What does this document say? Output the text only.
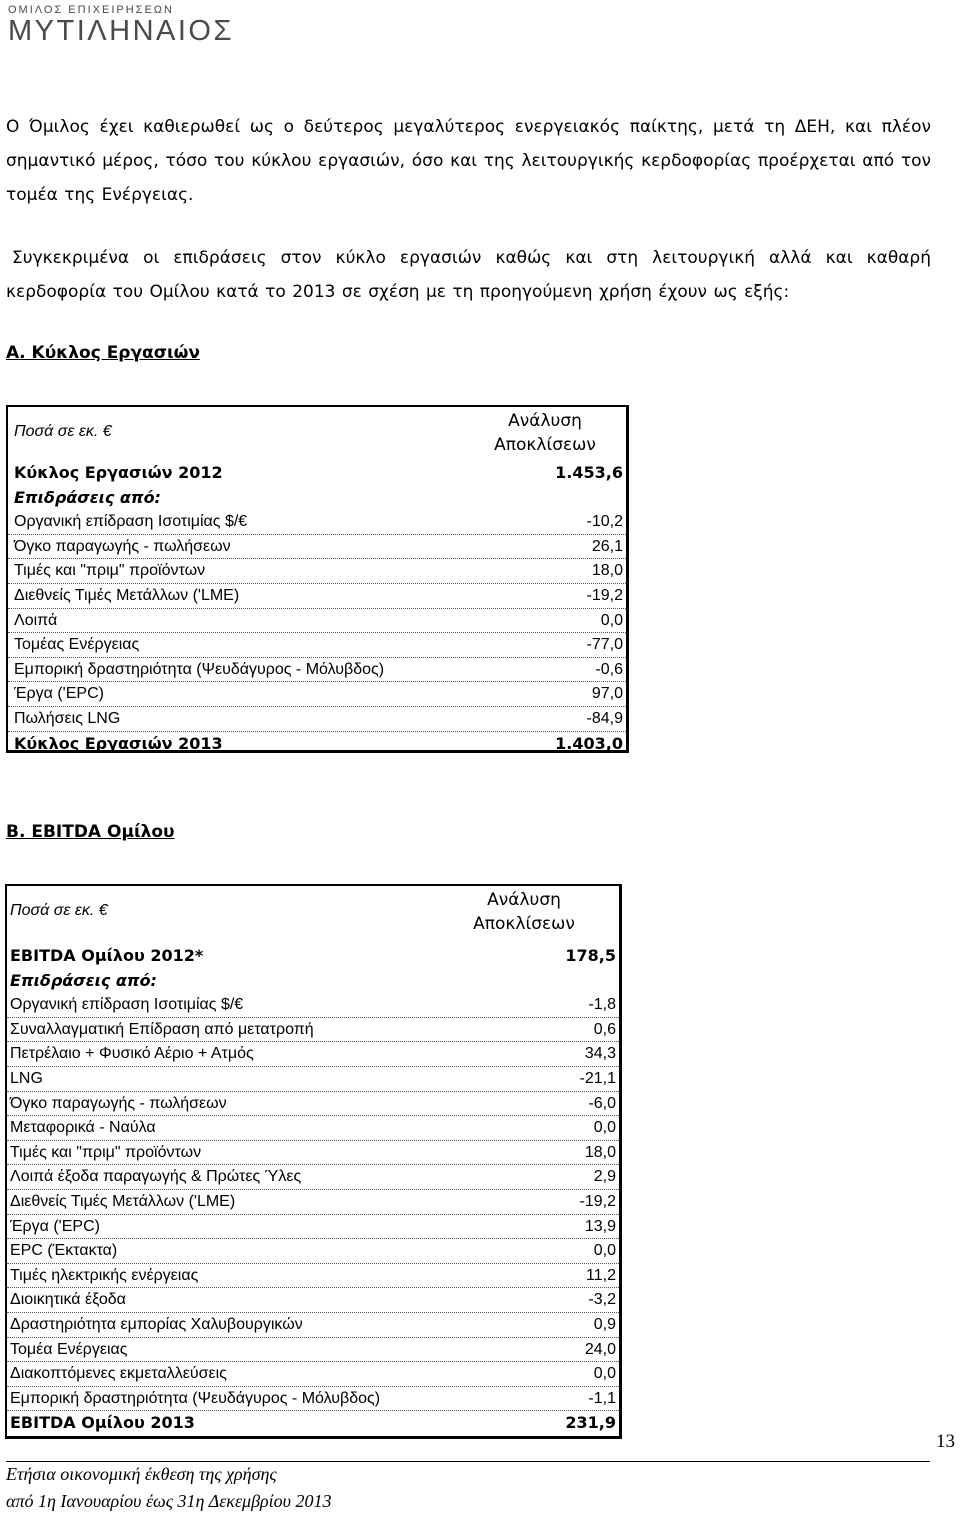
ΟΜΙΛΟΣ ΕΠΙΧΕΙΡΗΣΕΩΝ
ΜΥΤΙΛΗΝΑΙΟΣ

Ο Όμιλος έχει καθιερωθεί ως ο δεύτερος μεγαλύτερος ενεργειακός παίκτης, μετά τη ΔΕΗ, και πλέον σημαντικό μέρος, τόσο του κύκλου εργασιών, όσο και της λειτουργικής κερδοφορίας προέρχεται από τον τομέα της Ενέργειας.

Συγκεκριμένα οι επιδράσεις στον κύκλο εργασιών καθώς και στη λειτουργική αλλά και καθαρή κερδοφορία του Ομίλου κατά το 2013 σε σχέση με τη προηγούμενη χρήση έχουν ως εξής:

Α. Κύκλος Εργασιών
Ποσά σε εκ. €
Ανάλυση
Αποκλίσεων
Κύκλος Εργασιών 2012	1.453,6
Επιδράσεις από:
Οργανική επίδραση Ισοτιμίας $/€	-10,2
Όγκο παραγωγής - πωλήσεων	26,1
Τιμές και "πριμ" προϊόντων	18,0
Διεθνείς Τιμές Μετάλλων ('LME)	-19,2
Λοιπά	0,0
Τομέας Ενέργειας	-77,0
Εμπορική δραστηριότητα (Ψευδάγυρος - Μόλυβδος)	-0,6
Έργα ('EPC)	97,0
Πωλήσεις LNG	-84,9
Κύκλος Εργασιών 2013	1.403,0
Β. EBITDA Ομίλου
Ποσά σε εκ. €
Ανάλυση
Αποκλίσεων
EBITDA Ομίλου 2012*	178,5
Επιδράσεις από:
Οργανική επίδραση Ισοτιμίας $/€	-1,8
Συναλλαγματική Επίδραση από μετατροπή	0,6
Πετρέλαιο + Φυσικό Αέριο + Ατμός	34,3
LNG	-21,1
Όγκο παραγωγής - πωλήσεων	-6,0
Μεταφορικά - Ναύλα	0,0
Τιμές και "πριμ" προϊόντων	18,0
Λοιπά έξοδα παραγωγής & Πρώτες Ύλες	2,9
Διεθνείς Τιμές Μετάλλων ('LME)	-19,2
Έργα ('EPC)	13,9
EPC (Έκτακτα)	0,0
Τιμές ηλεκτρικής ενέργειας	11,2
Διοικητικά έξοδα	-3,2
Δραστηριότητα εμπορίας Χαλυβουργικών	0,9
Τομέα Ενέργειας	24,0
Διακοπτόμενες εκμεταλλεύσεις	0,0
Εμπορική δραστηριότητα (Ψευδάγυρος - Μόλυβδος)	-1,1
EBITDA Ομίλου 2013	231,9
13
Ετήσια οικονομική έκθεση της χρήσης
από 1η Ιανουαρίου έως 31η Δεκεμβρίου 2013
